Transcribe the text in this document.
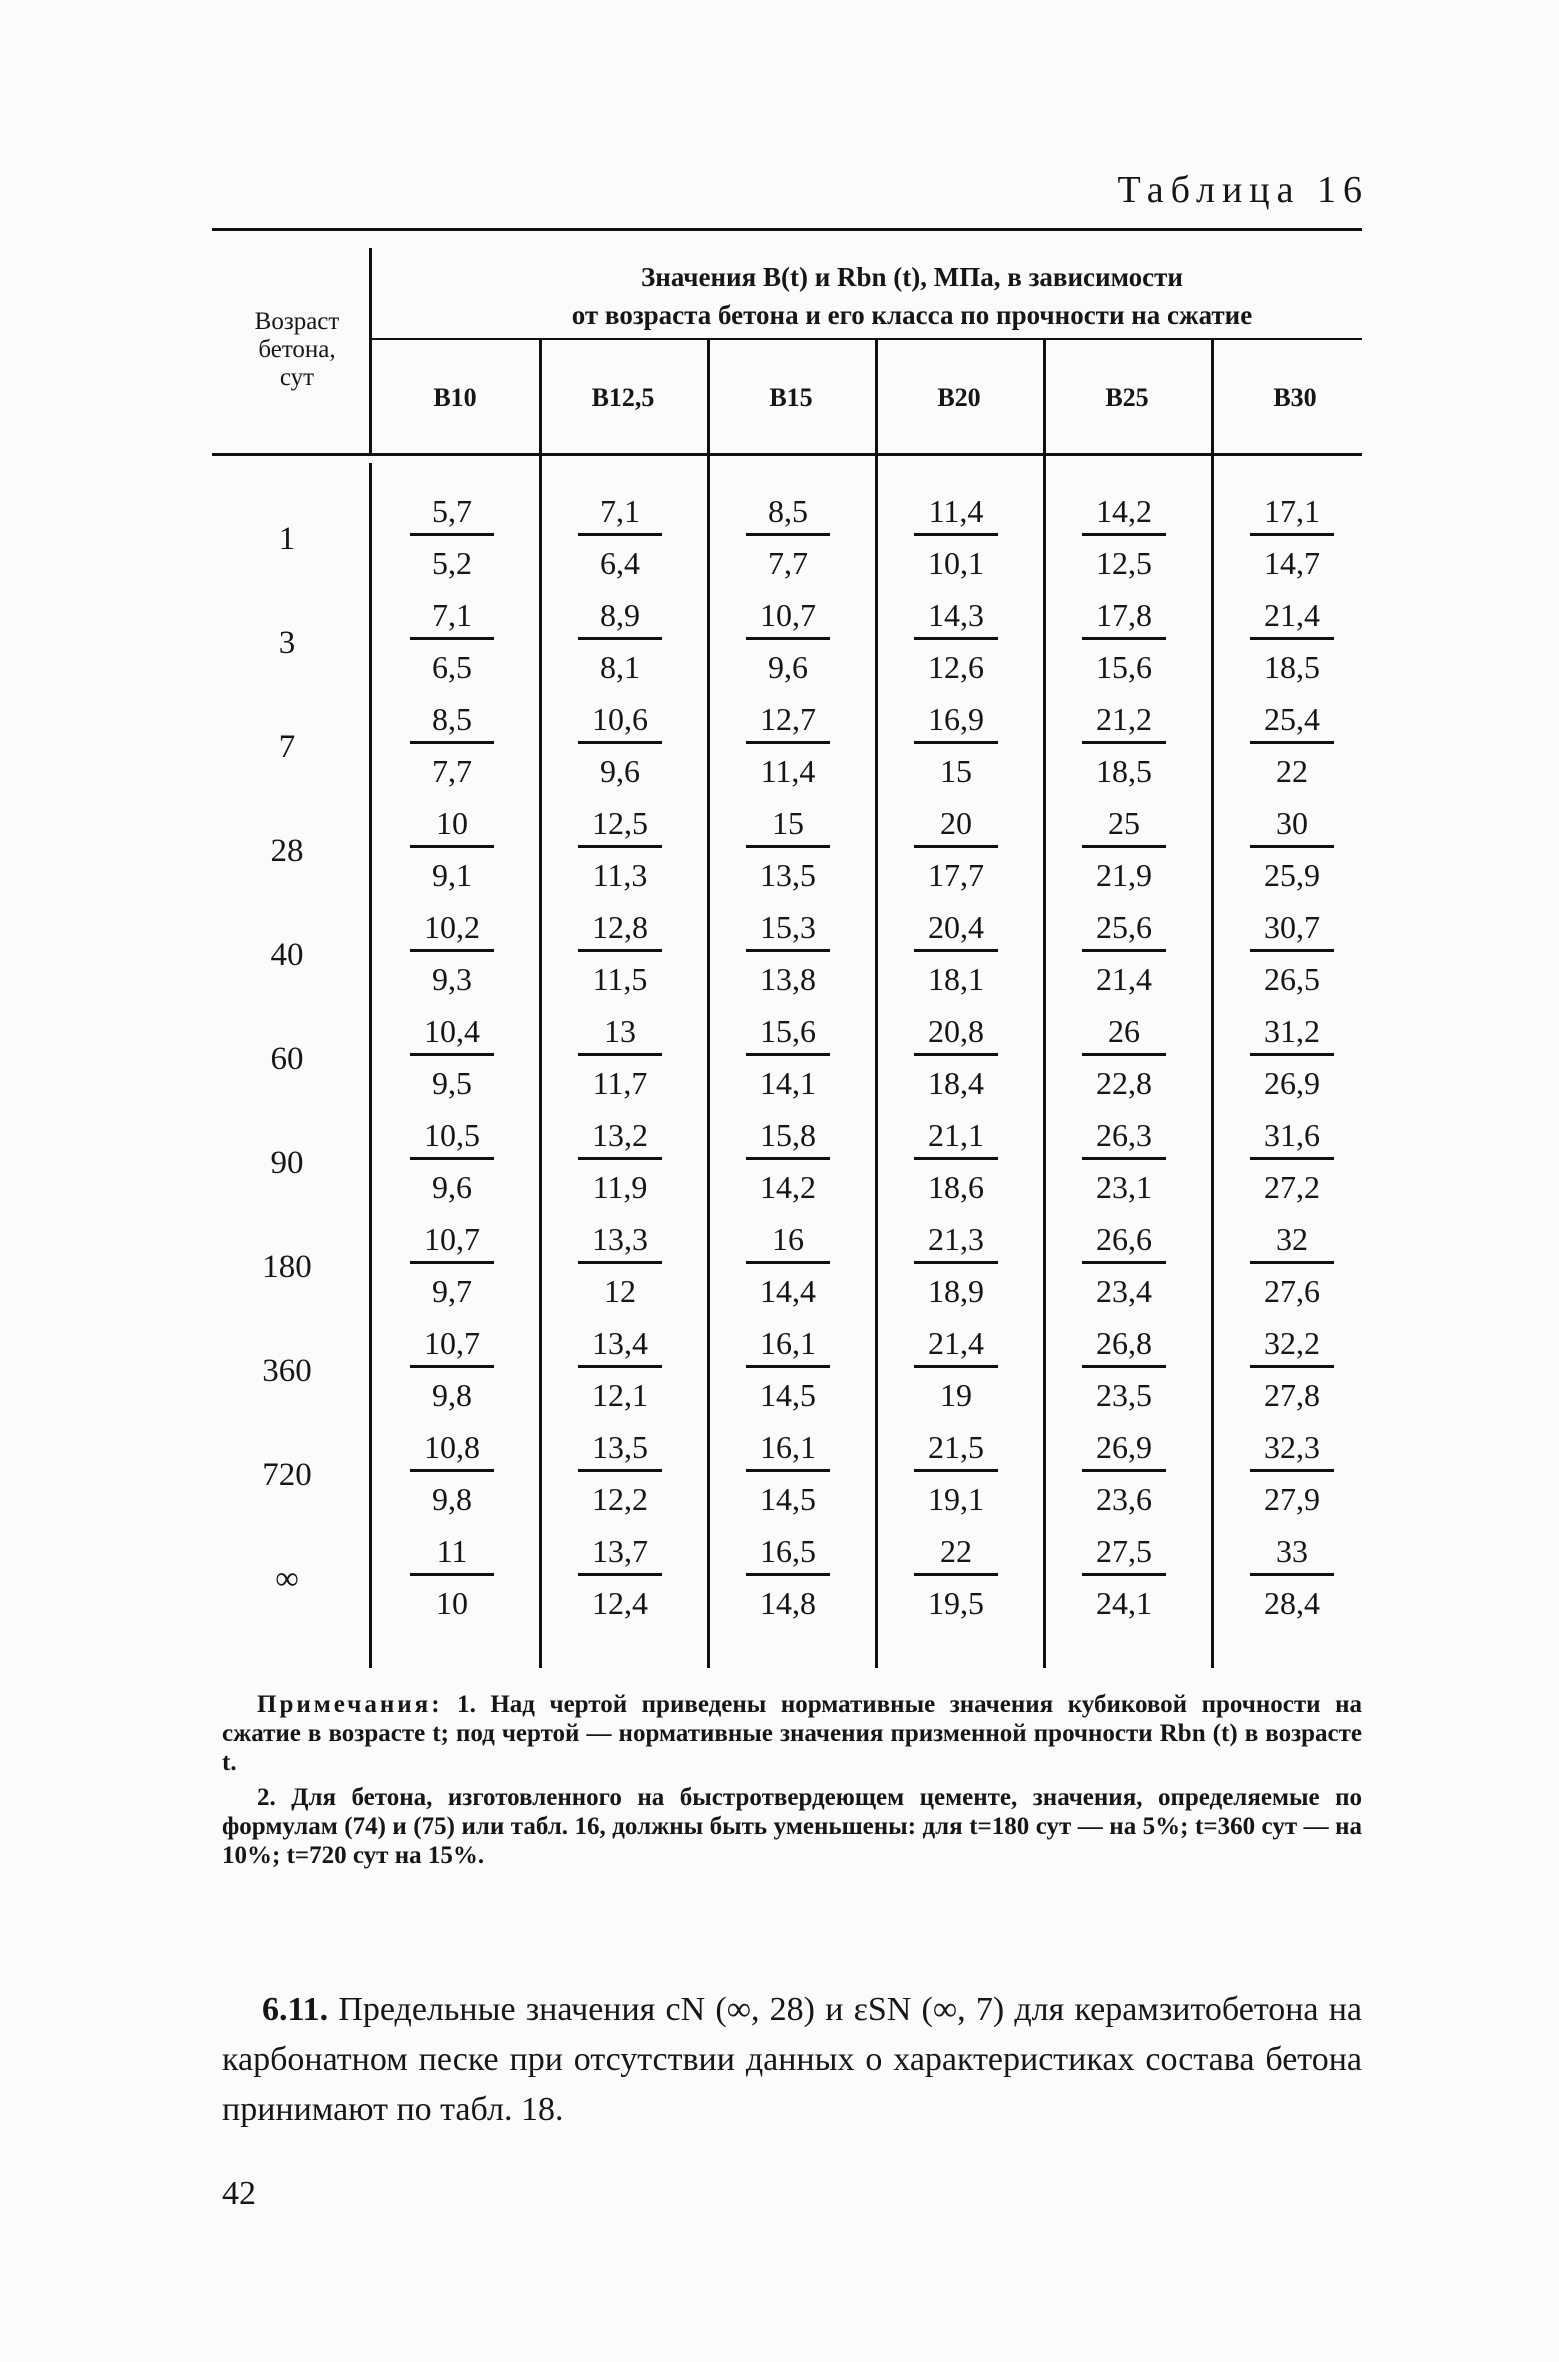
Таблица 16
Возраст
бетона,
сут
Значения B(t) и Rbn (t), МПа, в зависимости
от возраста бетона и его класса по прочности на сжатие
B10	B12,5	B15	B20	B25	B30
1	$\frac{5,7}{5,2} \frac{7,1}{6,4} \frac{8,5}{7,7} \frac{11,4}{10,1} \frac{14,2}{12,5} \frac{17,1}{14,7}$
3	$\frac{7,1}{6,5} \frac{8,9}{8,1} \frac{10,7}{9,6} \frac{14,3}{12,6} \frac{17,8}{15,6} \frac{21,4}{18,5}$
7	$\frac{8,5}{7,7} \frac{10,6}{9,6} \frac{12,7}{11,4} \frac{16,9}{15} \frac{21,2}{18,5} \frac{25,4}{22}$
28	$\frac{10}{9,1} \frac{12,5}{11,3} \frac{15}{13,5} \frac{20}{17,7} \frac{25}{21,9} \frac{30}{25,9}$
40	$\frac{10,2}{9,3} \frac{12,8}{11,5} \frac{15,3}{13,8} \frac{20,4}{18,1} \frac{25,6}{21,4} \frac{30,7}{26,5}$
60	$\frac{10,4}{9,5} \frac{13}{11,7} \frac{15,6}{14,1} \frac{20,8}{18,4} \frac{26}{22,8} \frac{31,2}{26,9}$
90	$\frac{10,5}{9,6} \frac{13,2}{11,9} \frac{15,8}{14,2} \frac{21,1}{18,6} \frac{26,3}{23,1} \frac{31,6}{27,2}$
180	$\frac{10,7}{9,7} \frac{13,3}{12} \frac{16}{14,4} \frac{21,3}{18,9} \frac{26,6}{23,4} \frac{32}{27,6}$
360	$\frac{10,7}{9,8} \frac{13,4}{12,1} \frac{16,1}{14,5} \frac{21,4}{19} \frac{26,8}{23,5} \frac{32,2}{27,8}$
720	$\frac{10,8}{9,8} \frac{13,5}{12,2} \frac{16,1}{14,5} \frac{21,5}{19,1} \frac{26,9}{23,6} \frac{32,3}{27,9}$
∞	$\frac{11}{10} \frac{13,7}{12,4} \frac{16,5}{14,8} \frac{22}{19,5} \frac{27,5}{24,1} \frac{33}{28,4}$

Примечания: 1. Над чертой приведены нормативные значения кубиковой прочности на сжатие в возрасте t; под чертой — нормативные значения призменной прочности Rbn (t) в возрасте t.

2. Для бетона, изготовленного на быстротвердеющем цементе, значения, определяемые по формулам (74) и (75) или табл. 16, должны быть уменьшены: для t=180 сут — на 5%; t=360 сут — на 10%; t=720 сут на 15%.

6.11. Предельные значения cN (∞, 28) и εSN (∞, 7) для керамзитобетона на карбонатном песке при отсутствии данных о характеристиках состава бетона принимают по табл. 18.

42
